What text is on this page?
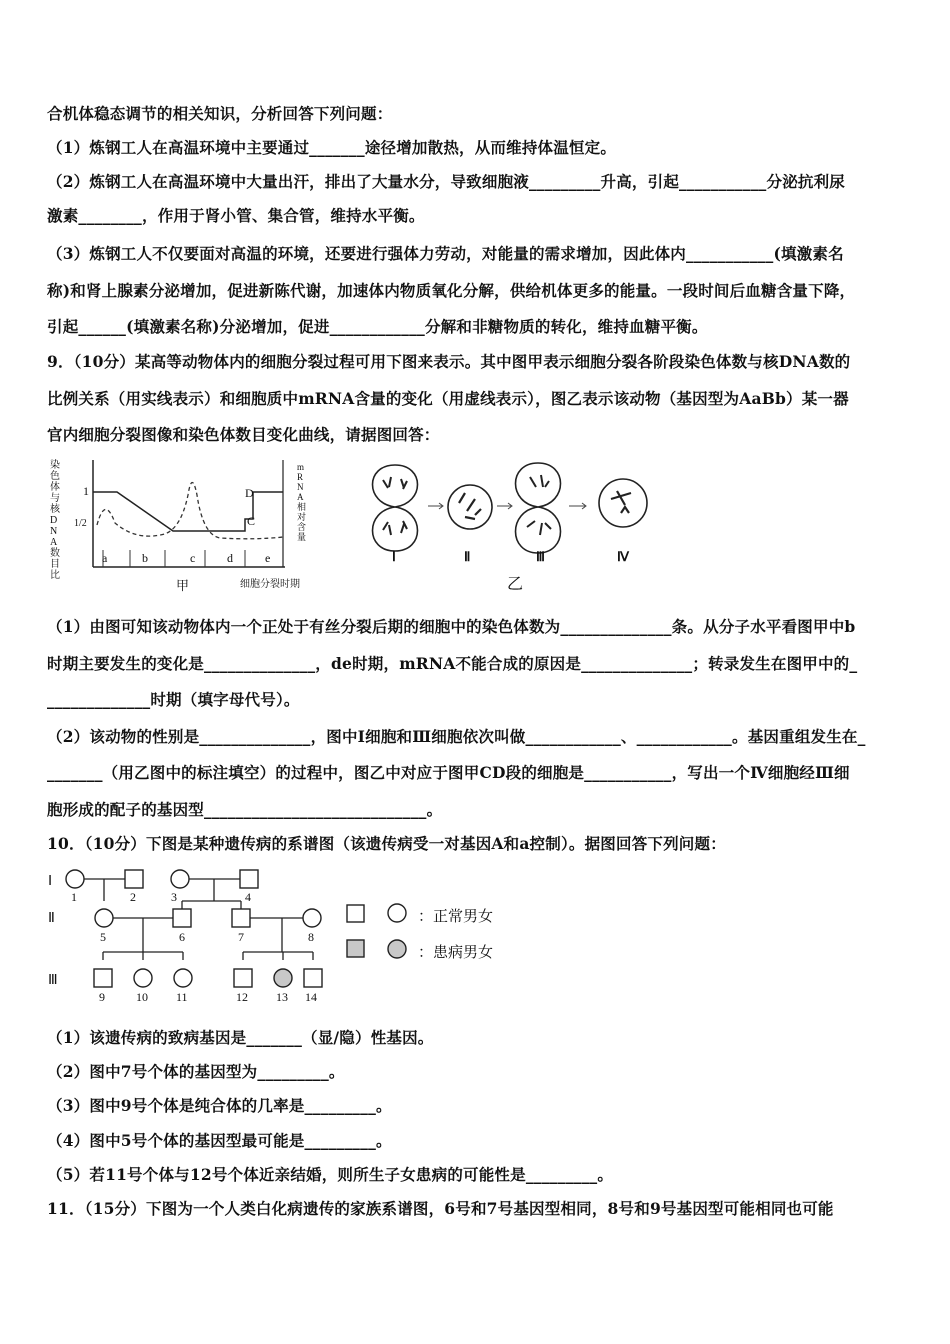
合机体稳态调节的相关知识，分析回答下列问题：
（1）炼钢工人在高温环境中主要通过_______途径增加散热，从而维持体温恒定。
（2）炼钢工人在高温环境中大量出汗，排出了大量水分，导致细胞液_________升高，引起___________分泌抗利尿
激素________，作用于肾小管、集合管，维持水平衡。
（3）炼钢工人不仅要面对高温的环境，还要进行强体力劳动，对能量的需求增加，因此体内___________(填激素名
称)和肾上腺素分泌增加，促进新陈代谢，加速体内物质氧化分解，供给机体更多的能量。一段时间后血糖含量下降，
引起______(填激素名称)分泌增加，促进____________分解和非糖物质的转化，维持血糖平衡。
9．（10分）某高等动物体内的细胞分裂过程可用下图来表示。其中图甲表示细胞分裂各阶段染色体数与核DNA数的
比例关系（用实线表示）和细胞质中mRNA含量的变化（用虚线表示），图乙表示该动物（基因型为AaBb）某一器
官内细胞分裂图像和染色体数目变化曲线，请据图回答：
染色体与核DNA数目比
mRNA相对含量
1
1/2
a	b	c	d	e
C
D
甲	细胞分裂时期
Ⅰ	Ⅱ	Ⅲ	Ⅳ
乙
（1）由图可知该动物体内一个正处于有丝分裂后期的细胞中的染色体数为______________条。从分子水平看图甲中b
时期主要发生的变化是______________，de时期，mRNA不能合成的原因是______________；转录发生在图甲中的_
_____________时期（填字母代号）。
（2）该动物的性别是______________，图中Ⅰ细胞和Ⅲ细胞依次叫做____________、____________。基因重组发生在_
_______（用乙图中的标注填空）的过程中，图乙中对应于图甲CD段的细胞是___________，写出一个Ⅳ细胞经Ⅲ细
胞形成的配子的基因型____________________________。
10．（10分）下图是某种遗传病的系谱图（该遗传病受一对基因A和a控制）。据图回答下列问题：
Ⅰ
Ⅱ
Ⅲ
1	2	3	4
5	6	7	8
9	10 11	12 13 14
：正常男女
：患病男女
（1）该遗传病的致病基因是_______（显/隐）性基因。
（2）图中7号个体的基因型为_________。
（3）图中9号个体是纯合体的几率是_________。
（4）图中5号个体的基因型最可能是_________。
（5）若11号个体与12号个体近亲结婚，则所生子女患病的可能性是_________。
11．（15分）下图为一个人类白化病遗传的家族系谱图，6号和7号基因型相同，8号和9号基因型可能相同也可能
